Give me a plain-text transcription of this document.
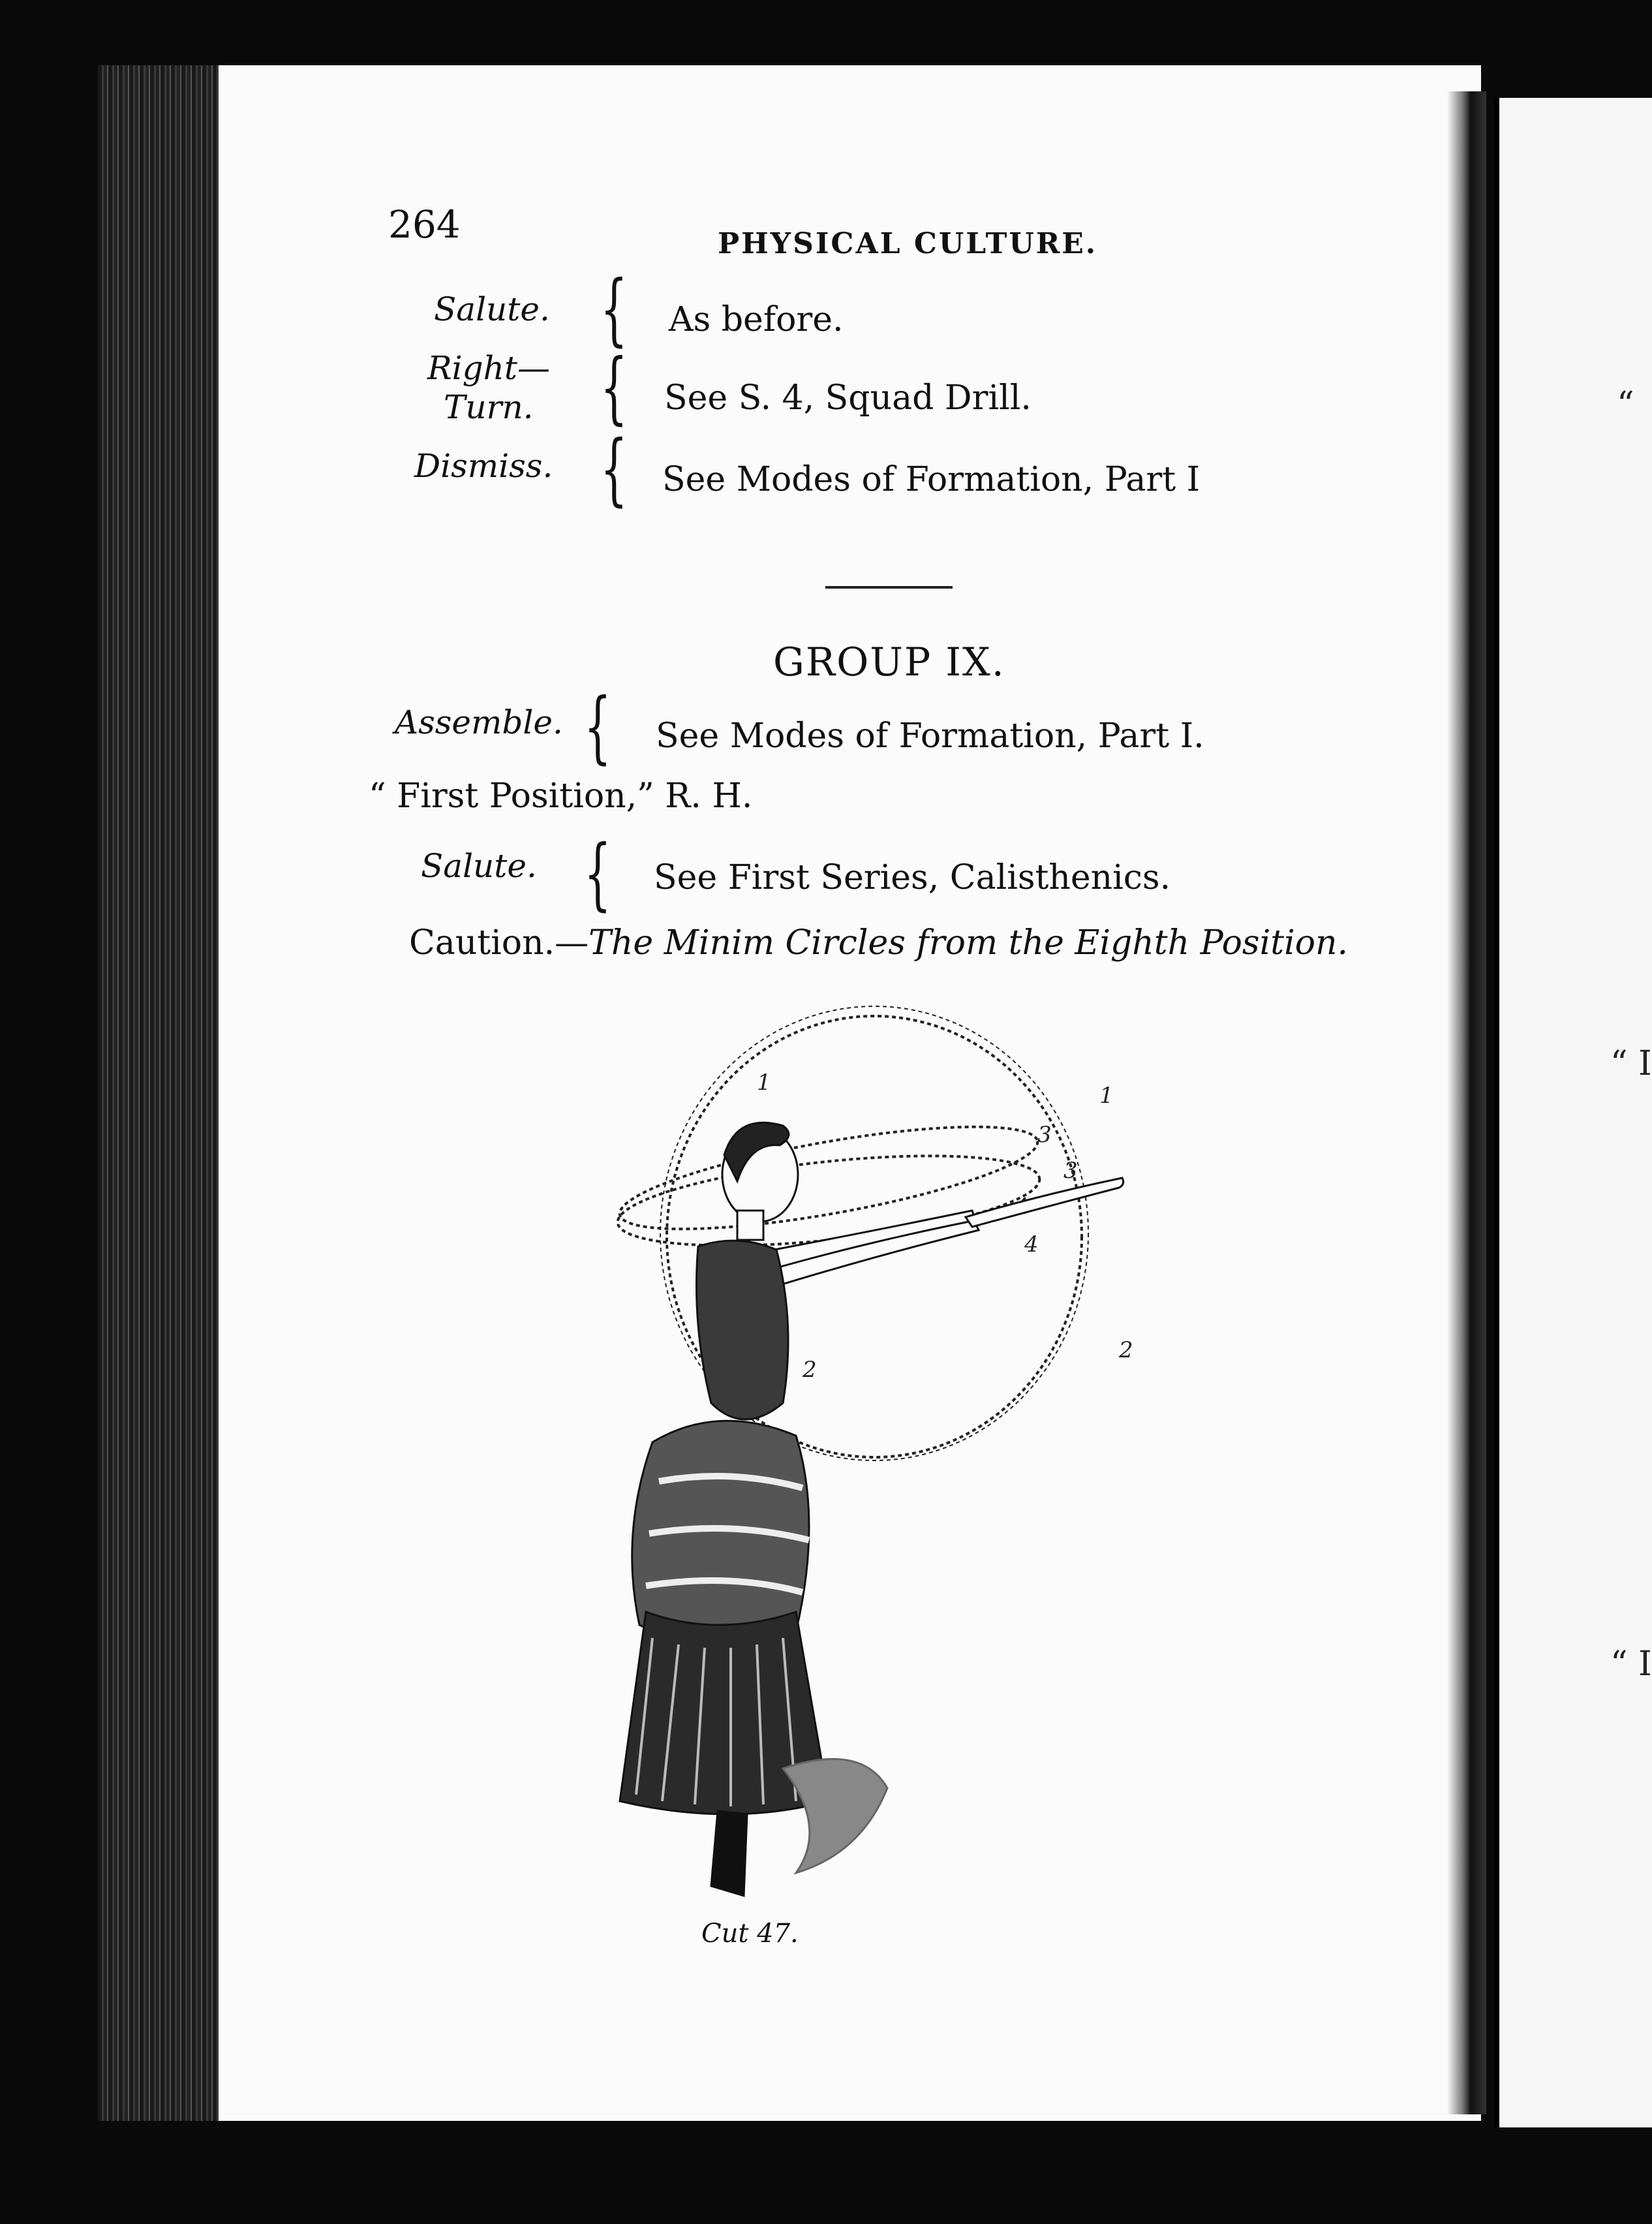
“
“ I
“ I
264	PHYSICAL CULTURE.
Salute. { As before.
Right—
Turn. { See S. 4, Squad Drill.
Dismiss. { See Modes of Formation, Part I
GROUP IX.
Assemble. { See Modes of Formation, Part I.
“ First Position,” R. H.
Salute. { See First Series, Calisthenics.
Caution.—The Minim Circles from the Eighth Position.
1	1
2
2
3
3
4
Cut 47.
